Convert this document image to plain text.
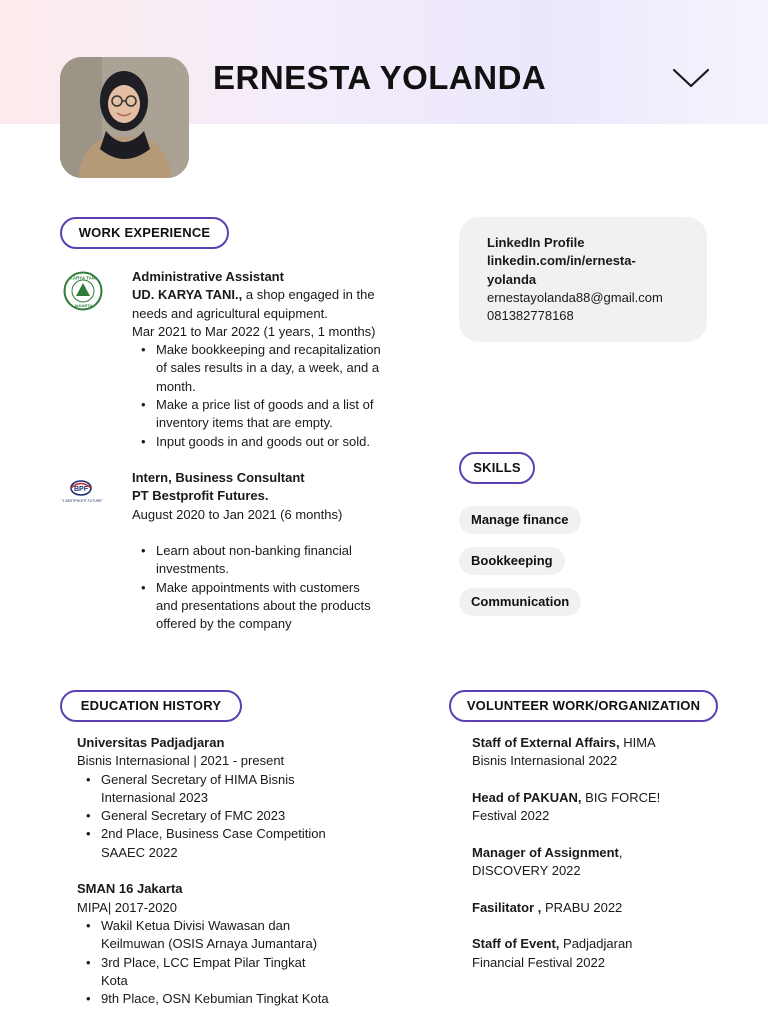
ERNESTA YOLANDA
WORK EXPERIENCE
KARYA TANI
JAKARTA
Administrative Assistant
UD. KARYA TANI., a shop engaged in the
needs and agricultural equipment.
Mar 2021 to Mar 2022 (1 years, 1 months)
• Make bookkeeping and recapitalization
of sales results in a day, a week, and a
month.
• Make a price list of goods and a list of
inventory items that are empty.
• Input goods in and goods out or sold.
BPF
"1 BESTPROFIT FUTURE"
Intern, Business Consultant
PT Bestprofit Futures.
August 2020 to Jan 2021 (6 months)
• Learn about non-banking financial
investments.
• Make appointments with customers
and presentations about the products
offered by the company
LinkedIn Profile
linkedin.com/in/ernesta-
yolanda
ernestayolanda88@gmail.com
081382778168
SKILLS
Manage finance
Bookkeeping
Communication
EDUCATION HISTORY
Universitas Padjadjaran
Bisnis Internasional | 2021 - present
• General Secretary of HIMA Bisnis
Internasional 2023
• General Secretary of FMC 2023
• 2nd Place, Business Case Competition
SAAEC 2022
SMAN 16 Jakarta
MIPA| 2017-2020
• Wakil Ketua Divisi Wawasan dan
Keilmuwan (OSIS Arnaya Jumantara)
• 3rd Place, LCC Empat Pilar Tingkat
Kota
• 9th Place, OSN Kebumian Tingkat Kota
VOLUNTEER WORK/ORGANIZATION
Staff of External Affairs, HIMA
Bisnis Internasional 2022
Head of PAKUAN, BIG FORCE!
Festival 2022
Manager of Assignment,
DISCOVERY 2022
Fasilitator , PRABU 2022
Staff of Event, Padjadjaran
Financial Festival 2022
